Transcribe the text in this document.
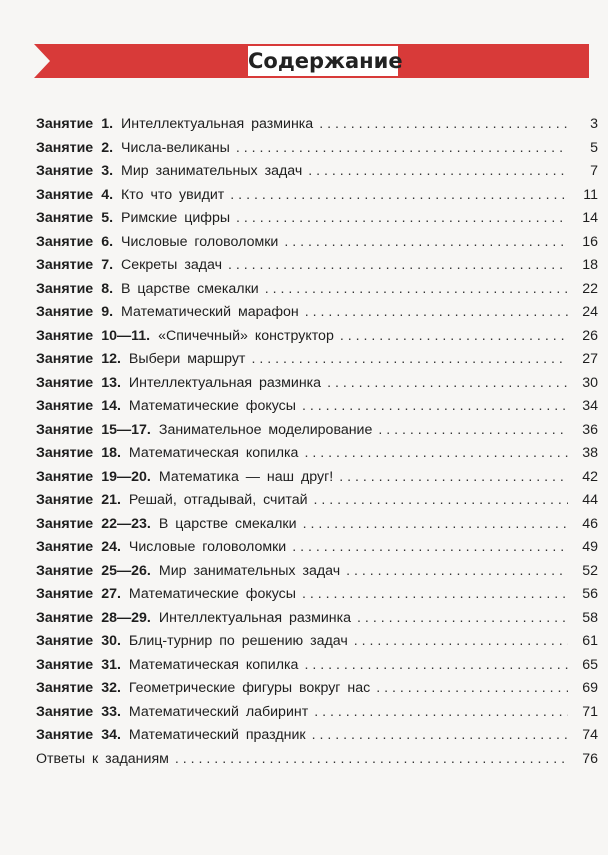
Содержание
Занятие 1. Интеллектуальная разминка . . .	3
Занятие 2. Числа-великаны . . .	5
Занятие 3. Мир занимательных задач . . .	7
Занятие 4. Кто что увидит . . .	11
Занятие 5. Римские цифры . . .	14
Занятие 6. Числовые головоломки . . .	16
Занятие 7. Секреты задач . . .	18
Занятие 8. В царстве смекалки . . .	22
Занятие 9. Математический марафон . . .	24
Занятие 10—11. «Спичечный» конструктор . . .	26
Занятие 12. Выбери маршрут . . .	27
Занятие 13. Интеллектуальная разминка . . .	30
Занятие 14. Математические фокусы . . .	34
Занятие 15—17. Занимательное моделирование . . .	36
Занятие 18. Математическая копилка . . .	38
Занятие 19—20. Математика — наш друг! . . .	42
Занятие 21. Решай, отгадывай, считай . . .	44
Занятие 22—23. В царстве смекалки . . .	46
Занятие 24. Числовые головоломки . . .	49
Занятие 25—26. Мир занимательных задач . . .	52
Занятие 27. Математические фокусы . . .	56
Занятие 28—29. Интеллектуальная разминка . . .	58
Занятие 30. Блиц-турнир по решению задач . . .	61
Занятие 31. Математическая копилка . . .	65
Занятие 32. Геометрические фигуры вокруг нас . . .	69
Занятие 33. Математический лабиринт . . .	71
Занятие 34. Математический праздник . . .	74
Ответы к заданиям . . .	76
